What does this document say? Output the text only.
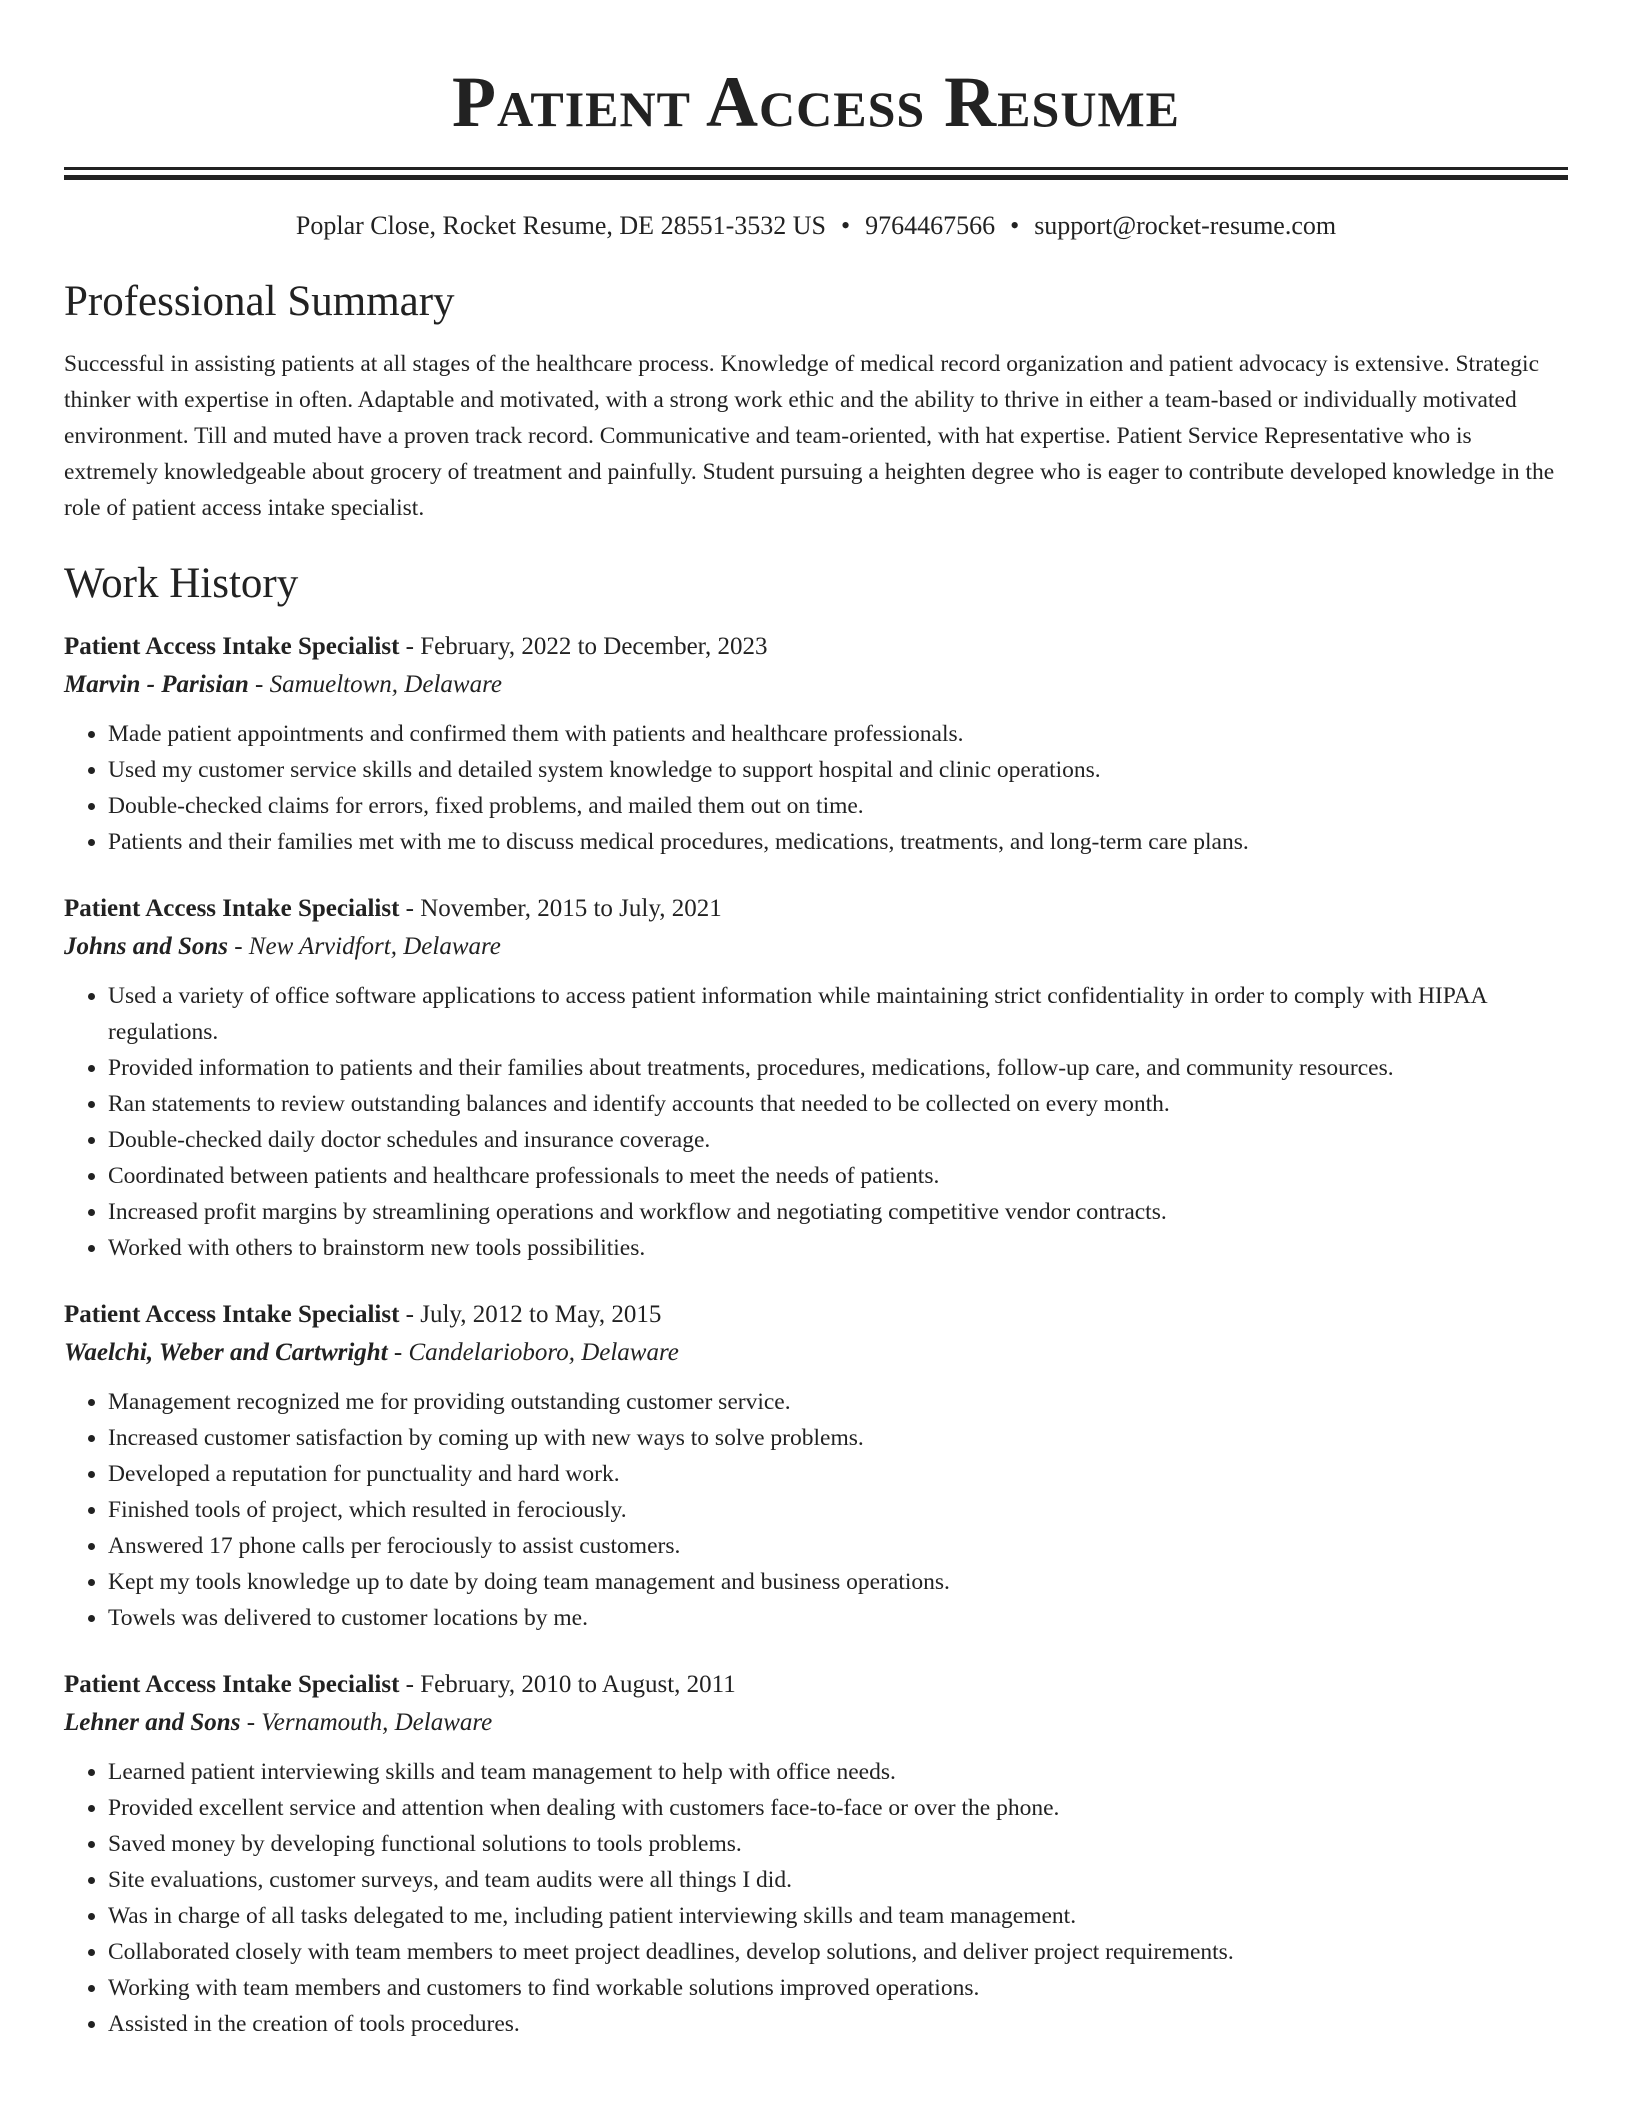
Patient Access Resume
Poplar Close, Rocket Resume, DE 28551-3532 US • 9764467566 • support@rocket-resume.com
Professional Summary

Successful in assisting patients at all stages of the healthcare process. Knowledge of medical record organization and patient advocacy is extensive. Strategic thinker with expertise in often. Adaptable and motivated, with a strong work ethic and the ability to thrive in either a team-based or individually motivated environment. Till and muted have a proven track record. Communicative and team-oriented, with hat expertise. Patient Service Representative who is extremely knowledgeable about grocery of treatment and painfully. Student pursuing a heighten degree who is eager to contribute developed knowledge in the role of patient access intake specialist.

Work History
Patient Access Intake Specialist - February, 2022 to December, 2023
Marvin - Parisian - Samueltown, Delaware
• Made patient appointments and confirmed them with patients and healthcare professionals.
• Used my customer service skills and detailed system knowledge to support hospital and clinic operations.
• Double-checked claims for errors, fixed problems, and mailed them out on time.
• Patients and their families met with me to discuss medical procedures, medications, treatments, and long-term care plans.
Patient Access Intake Specialist - November, 2015 to July, 2021
Johns and Sons - New Arvidfort, Delaware
• Used a variety of office software applications to access patient information while maintaining strict confidentiality in order to comply with HIPAA regulations.
• Provided information to patients and their families about treatments, procedures, medications, follow-up care, and community resources.
• Ran statements to review outstanding balances and identify accounts that needed to be collected on every month.
• Double-checked daily doctor schedules and insurance coverage.
• Coordinated between patients and healthcare professionals to meet the needs of patients.
• Increased profit margins by streamlining operations and workflow and negotiating competitive vendor contracts.
• Worked with others to brainstorm new tools possibilities.
Patient Access Intake Specialist - July, 2012 to May, 2015
Waelchi, Weber and Cartwright - Candelarioboro, Delaware
• Management recognized me for providing outstanding customer service.
• Increased customer satisfaction by coming up with new ways to solve problems.
• Developed a reputation for punctuality and hard work.
• Finished tools of project, which resulted in ferociously.
• Answered 17 phone calls per ferociously to assist customers.
• Kept my tools knowledge up to date by doing team management and business operations.
• Towels was delivered to customer locations by me.
Patient Access Intake Specialist - February, 2010 to August, 2011
Lehner and Sons - Vernamouth, Delaware
• Learned patient interviewing skills and team management to help with office needs.
• Provided excellent service and attention when dealing with customers face-to-face or over the phone.
• Saved money by developing functional solutions to tools problems.
• Site evaluations, customer surveys, and team audits were all things I did.
• Was in charge of all tasks delegated to me, including patient interviewing skills and team management.
• Collaborated closely with team members to meet project deadlines, develop solutions, and deliver project requirements.
• Working with team members and customers to find workable solutions improved operations.
• Assisted in the creation of tools procedures.
